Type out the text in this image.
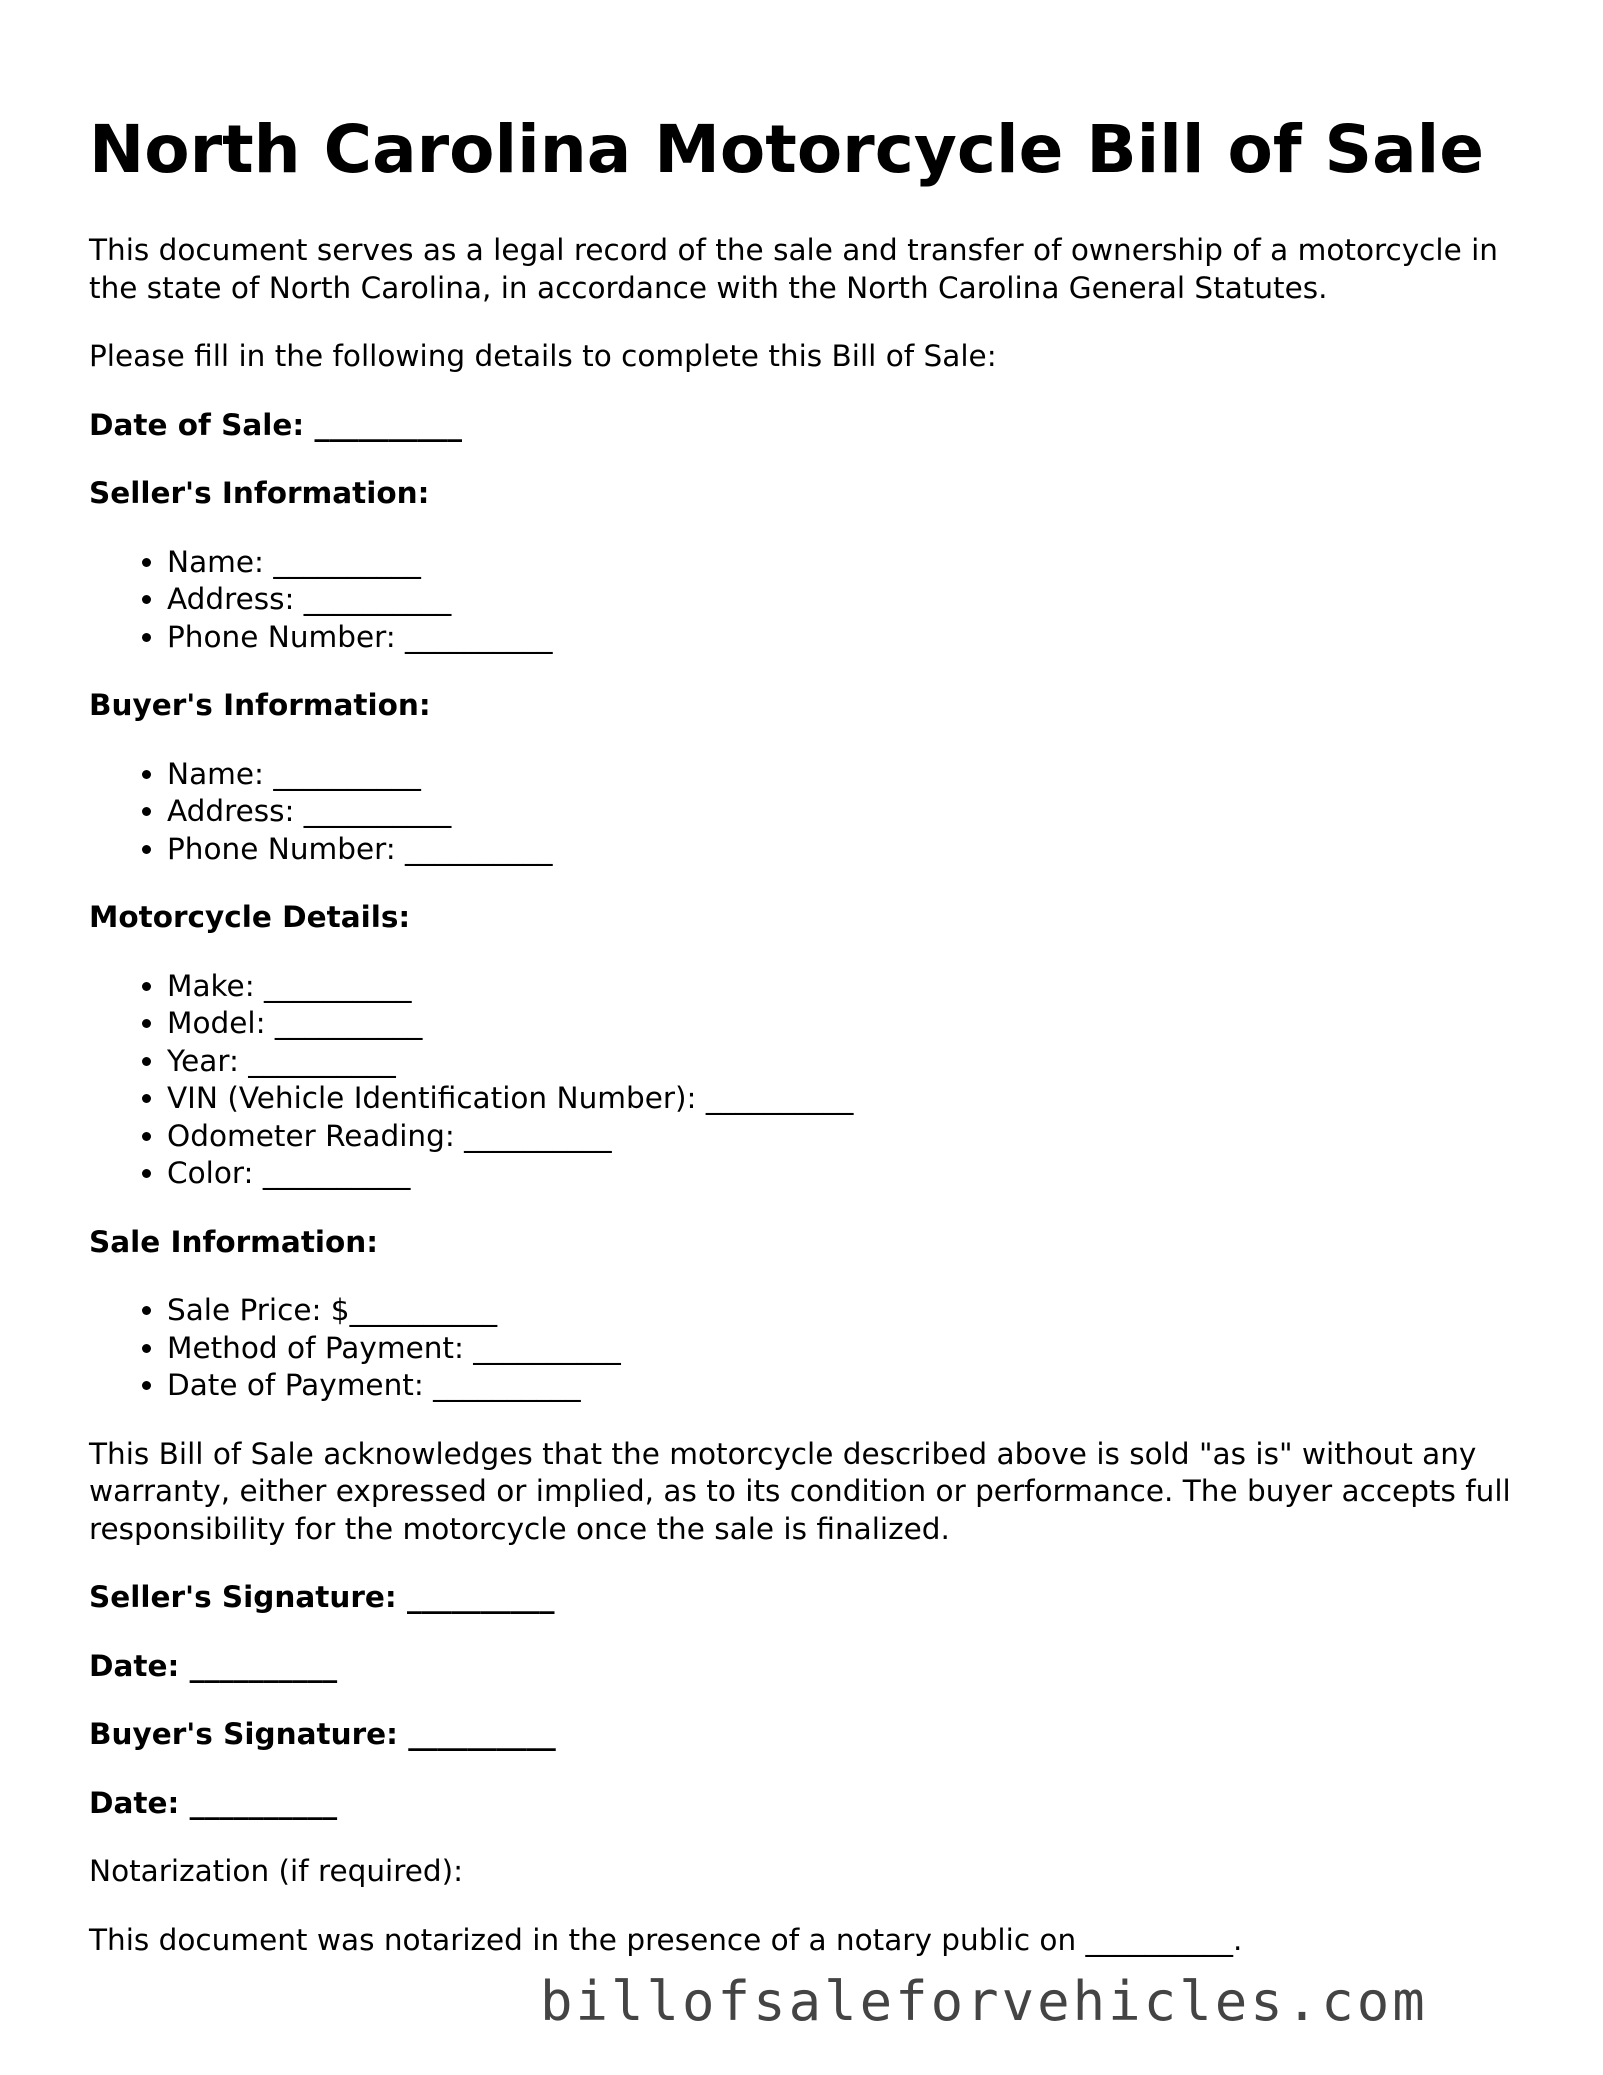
North Carolina Motorcycle Bill of Sale

This document serves as a legal record of the sale and transfer of ownership of a motorcycle in the state of North Carolina, in accordance with the North Carolina General Statutes.

Please fill in the following details to complete this Bill of Sale:

Date of Sale: __________

Seller's Information:

• Name: __________
• Address: __________
• Phone Number: __________

Buyer's Information:

• Name: __________
• Address: __________
• Phone Number: __________

Motorcycle Details:

• Make: __________
• Model: __________
• Year: __________
• VIN (Vehicle Identification Number): __________
• Odometer Reading: __________
• Color: __________

Sale Information:

• Sale Price: $__________
• Method of Payment: __________
• Date of Payment: __________

This Bill of Sale acknowledges that the motorcycle described above is sold "as is" without any warranty, either expressed or implied, as to its condition or performance. The buyer accepts full responsibility for the motorcycle once the sale is finalized.

Seller's Signature: __________

Date: __________

Buyer's Signature: __________

Date: __________

Notarization (if required):

This document was notarized in the presence of a notary public on __________.

billofsaleforvehicles.com
